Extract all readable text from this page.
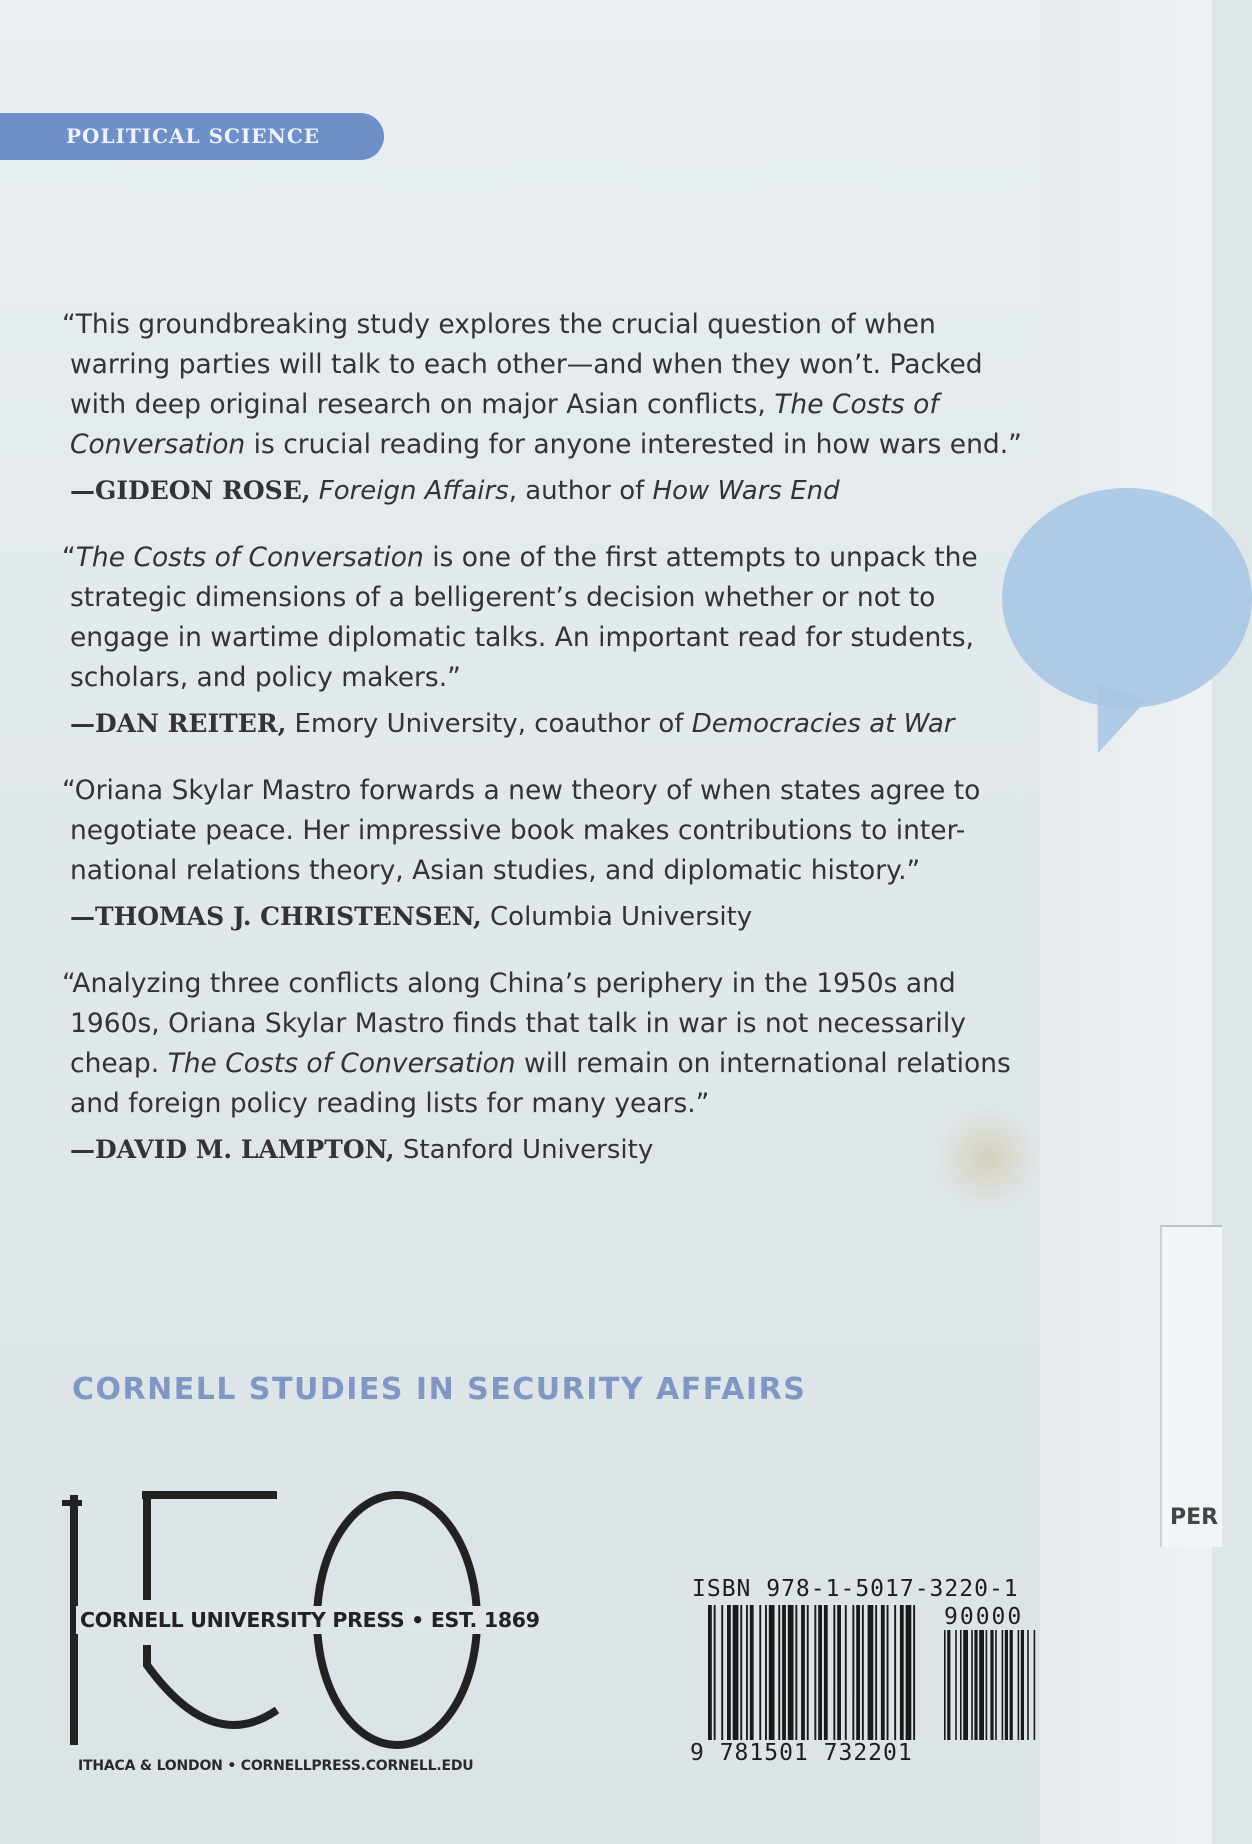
POLITICAL SCIENCE

“This groundbreaking study explores the crucial question of when warring parties will talk to each other—and when they won’t. Packed with deep original research on major Asian conflicts, The Costs of Conversation is crucial reading for anyone interested in how wars end.”

—GIDEON ROSE, Foreign Affairs, author of How Wars End

“The Costs of Conversation is one of the first attempts to unpack the strategic dimensions of a belligerent’s decision whether or not to engage in wartime diplomatic talks. An important read for students, scholars, and policy makers.”

—DAN REITER, Emory University, coauthor of Democracies at War

“Oriana Skylar Mastro forwards a new theory of when states agree to negotiate peace. Her impressive book makes contributions to inter-national relations theory, Asian studies, and diplomatic history.”

—THOMAS J. CHRISTENSEN, Columbia University

“Analyzing three conflicts along China’s periphery in the 1950s and 1960s, Oriana Skylar Mastro finds that talk in war is not necessarily cheap. The Costs of Conversation will remain on international relations and foreign policy reading lists for many years.”

—DAVID M. LAMPTON, Stanford University

CORNELL STUDIES IN SECURITY AFFAIRS
CORNELL UNIVERSITY PRESS • EST. 1869
ITHACA & LONDON • CORNELLPRESS.CORNELL.EDU
ISBN 978-1-5017-3220-1
90000
9 781501 732201
PER
